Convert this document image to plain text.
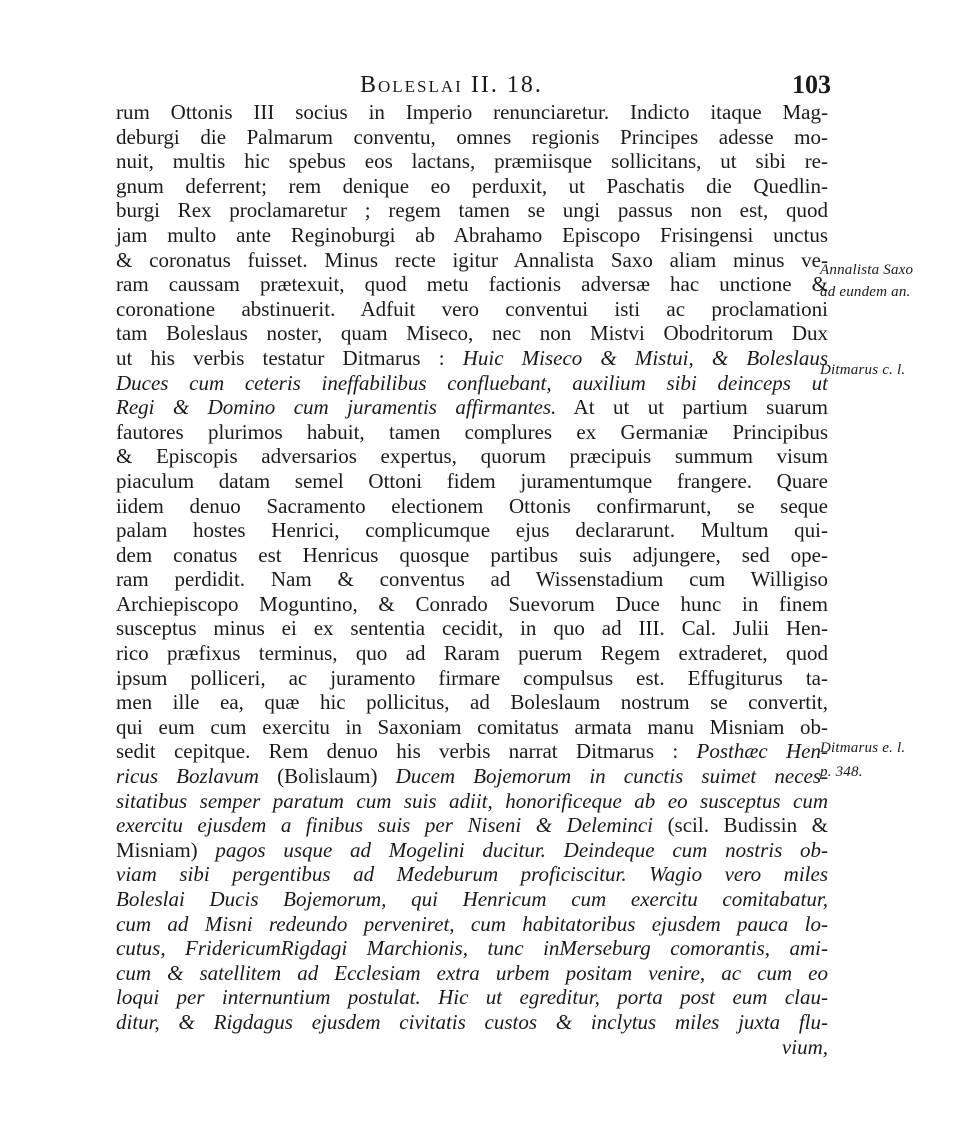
Boleslai II. 18.	103
rum Ottonis III socius in Imperio renunciaretur. Indicto itaque Mag-
deburgi die Palmarum conventu, omnes regionis Principes adesse mo-
nuit, multis hic spebus eos lactans, præmiisque sollicitans, ut sibi re-
gnum deferrent; rem denique eo perduxit, ut Paschatis die Quedlin-
burgi Rex proclamaretur ; regem tamen se ungi passus non est, quod
jam multo ante Reginoburgi ab Abrahamo Episcopo Frisingensi unctus
& coronatus fuisset. Minus recte igitur Annalista Saxo aliam minus ve-
ram caussam prætexuit, quod metu factionis adversæ hac unctione &
coronatione abstinuerit. Adfuit vero conventui isti ac proclamationi
tam Boleslaus noster, quam Miseco, nec non Mistvi Obodritorum Dux
ut his verbis testatur Ditmarus : Huic Miseco & Mistui, & Boleslaus
Duces cum ceteris ineffabilibus confluebant, auxilium sibi deinceps ut
Regi & Domino cum juramentis affirmantes. At ut ut partium suarum
fautores plurimos habuit, tamen complures ex Germaniæ Principibus
& Episcopis adversarios expertus, quorum præcipuis summum visum
piaculum datam semel Ottoni fidem juramentumque frangere. Quare
iidem denuo Sacramento electionem Ottonis confirmarunt, se seque
palam hostes Henrici, complicumque ejus declararunt. Multum qui-
dem conatus est Henricus quosque partibus suis adjungere, sed ope-
ram perdidit. Nam & conventus ad Wissenstadium cum Willigiso
Archiepiscopo Moguntino, & Conrado Suevorum Duce hunc in finem
susceptus minus ei ex sententia cecidit, in quo ad III. Cal. Julii Hen-
rico præfixus terminus, quo ad Raram puerum Regem extraderet, quod
ipsum polliceri, ac juramento firmare compulsus est. Effugiturus ta-
men ille ea, quæ hic pollicitus, ad Boleslaum nostrum se convertit,
qui eum cum exercitu in Saxoniam comitatus armata manu Misniam ob-
sedit cepitque. Rem denuo his verbis narrat Ditmarus : Posthæc Hen-
ricus Bozlavum (Bolislaum) Ducem Bojemorum in cunctis suimet neces-
sitatibus semper paratum cum suis adiit, honorificeque ab eo susceptus cum
exercitu ejusdem a finibus suis per Niseni & Deleminci (scil. Budissin &
Misniam) pagos usque ad Mogelini ducitur. Deindeque cum nostris ob-
viam sibi pergentibus ad Medeburum proficiscitur. Wagio vero miles
Boleslai Ducis Bojemorum, qui Henricum cum exercitu comitabatur,
cum ad Misni redeundo perveniret, cum habitatoribus ejusdem pauca lo-
cutus, FridericumRigdagi Marchionis, tunc inMerseburg comorantis, ami-
cum & satellitem ad Ecclesiam extra urbem positam venire, ac cum eo
loqui per internuntium postulat. Hic ut egreditur, porta post eum clau-
ditur, & Rigdagus ejusdem civitatis custos & inclytus miles juxta flu-
vium,
Annalista Saxo
ad eundem an.
Ditmarus c. l.
Ditmarus e. l.
p. 348.
